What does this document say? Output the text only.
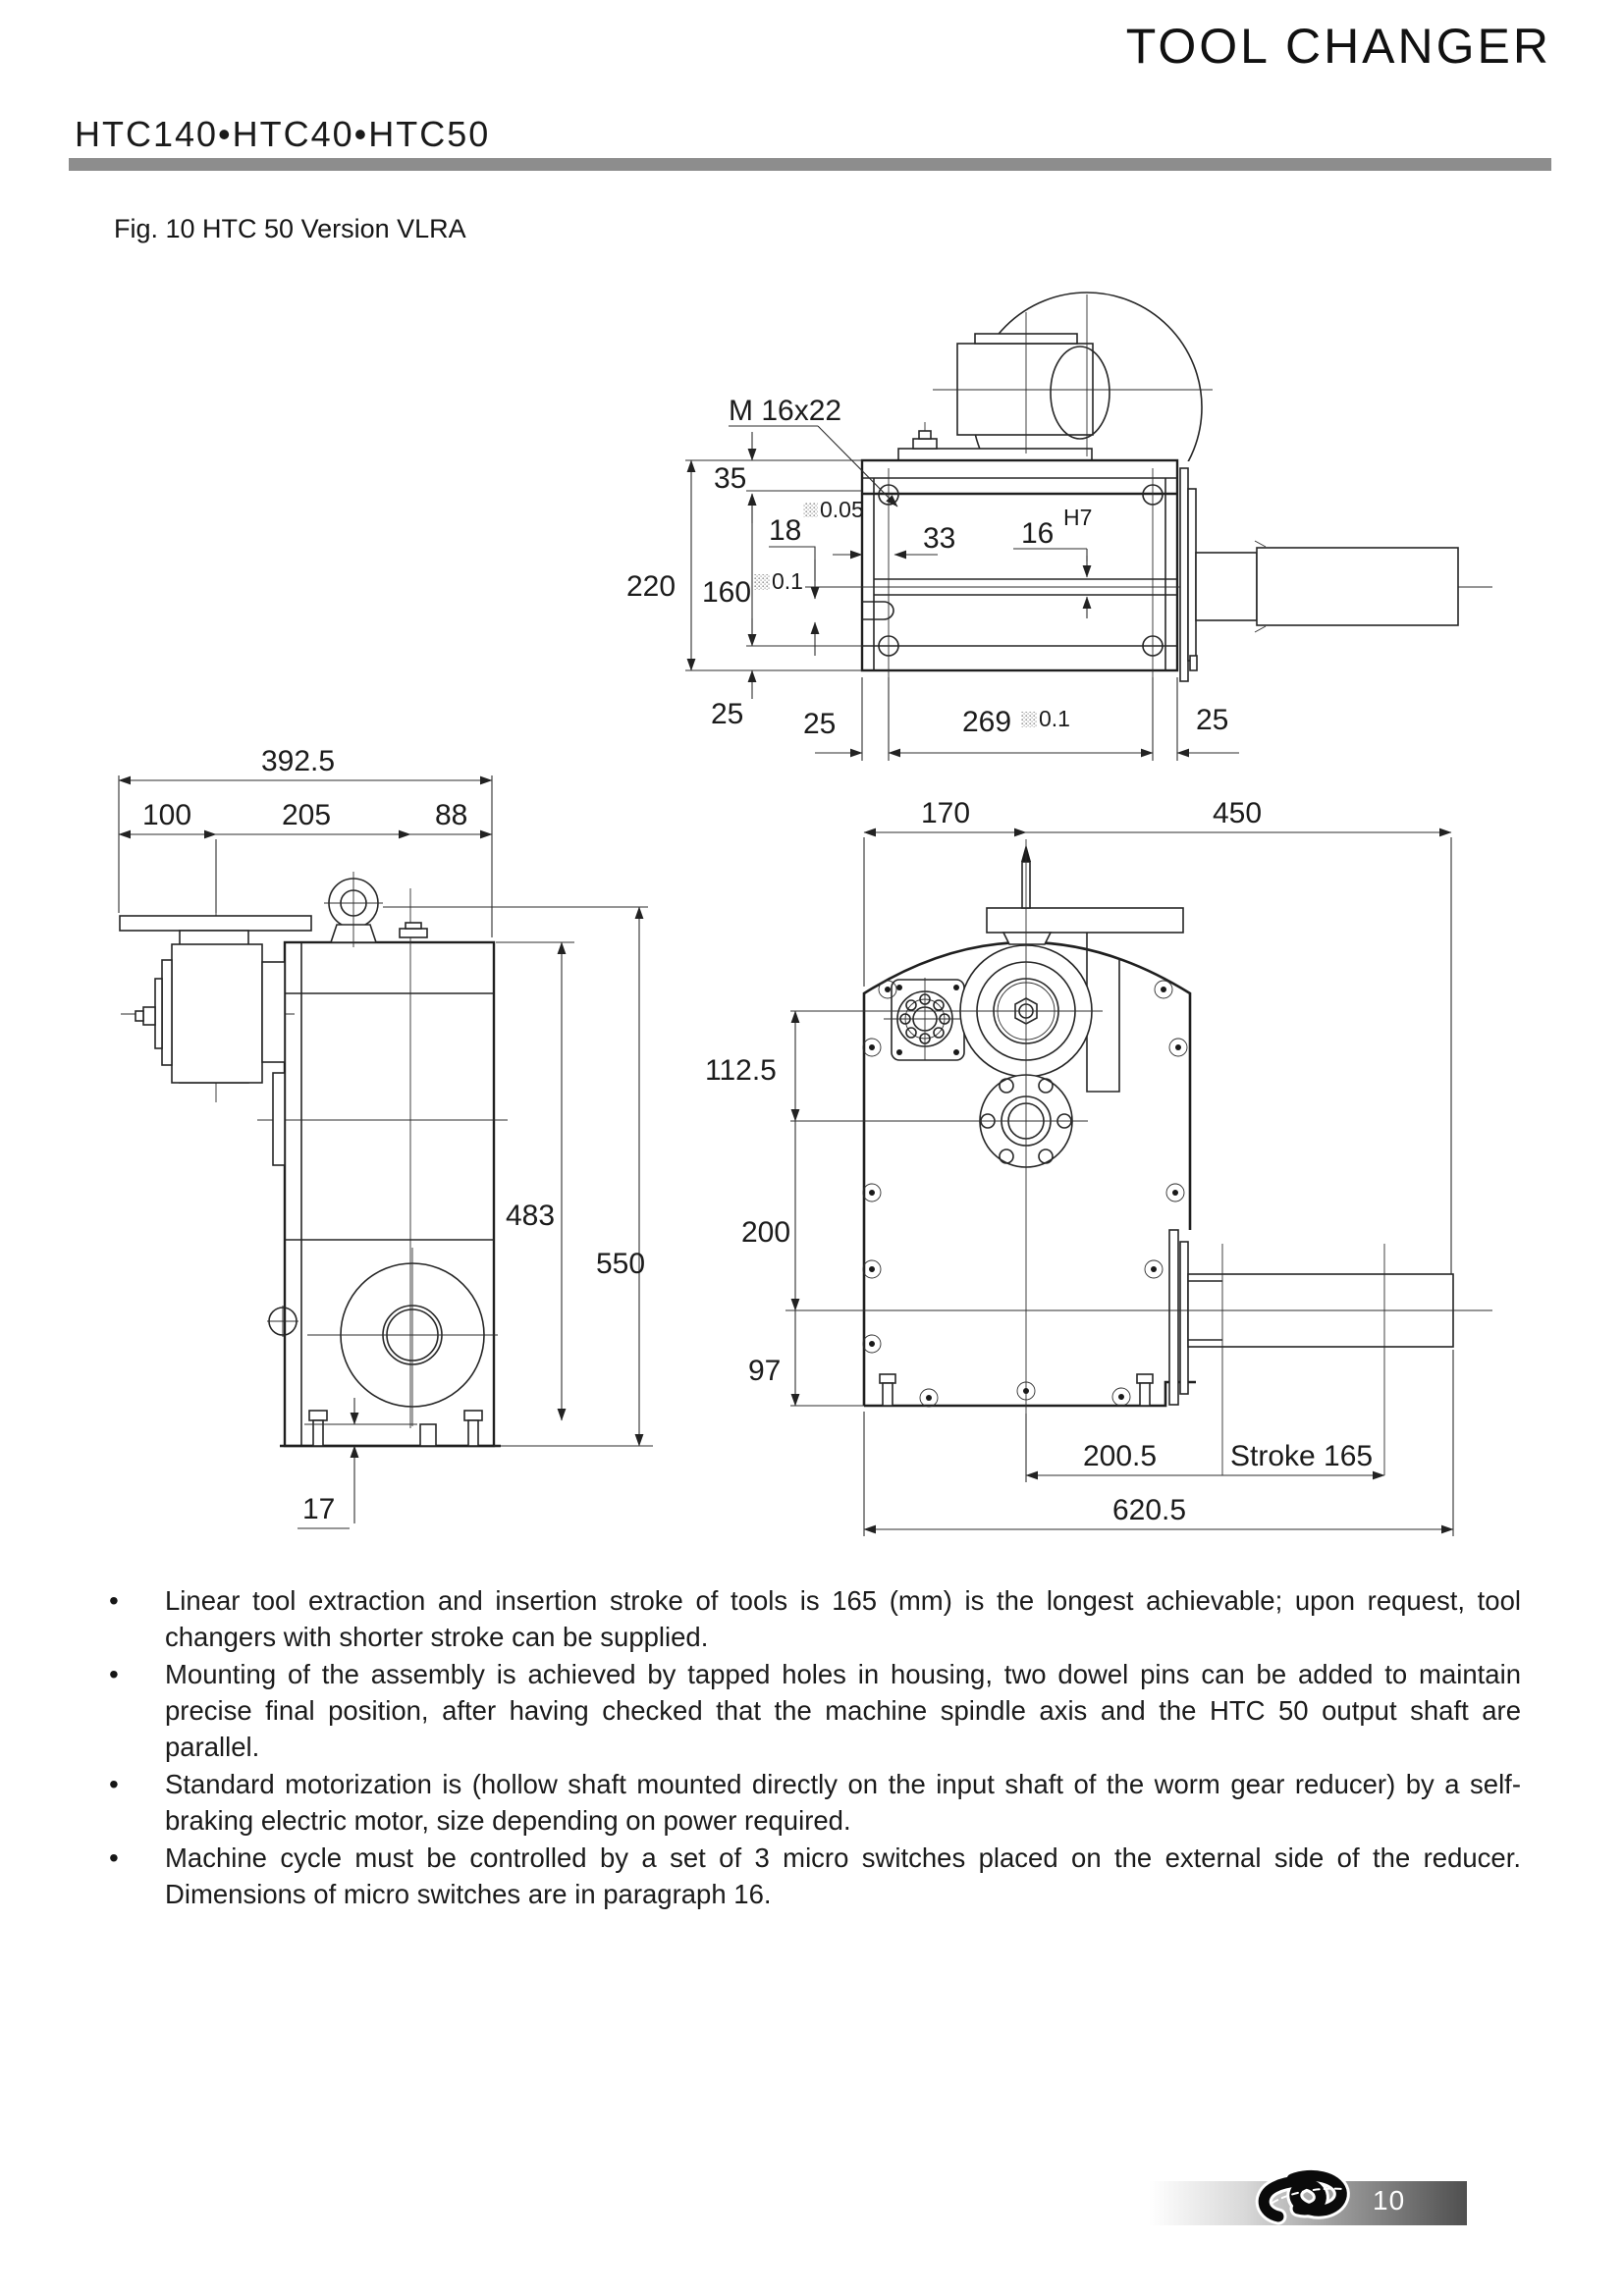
TOOL CHANGER
HTC140•HTC40•HTC50
Fig. 10 HTC 50 Version VLRA
M 16x22
35
160 0.1
220
25
18
0.05
33 16 H7
25	269 0.1	25
392.5
100	205	88
550
483
17
170	450
112.5
200
97
200.5 Stroke 165
620.5
•	Linear tool extraction and insertion stroke of tools is 165 (mm) is the longest achievable; upon request, tool changers with shorter stroke can be supplied.
•	Mounting of the assembly is achieved by tapped holes in housing, two dowel pins can be added to maintain precise final position, after having checked that the machine spindle axis and the HTC 50 output shaft are parallel.
•	Standard motorization is (hollow shaft mounted directly on the input shaft of the worm gear reducer) by a self-braking electric motor, size depending on power required.
•	Machine cycle must be controlled by a set of 3 micro switches placed on the external side of the reducer. Dimensions of micro switches are in paragraph 16.
10
